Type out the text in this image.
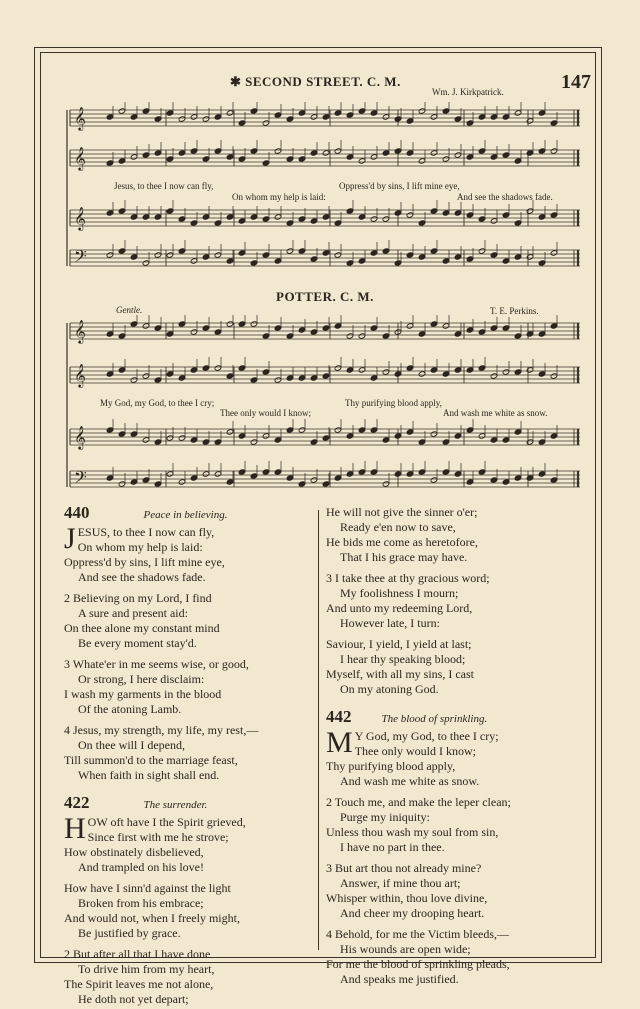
✱ SECOND STREET. C. M.
Wm. J. Kirkpatrick.	147
𝄞
𝄞
𝄞
𝄢
Jesus, to thee I now can fly,
On whom my help is laid:
Oppress'd by sins, I lift mine eye,
And see the shadows fade.
POTTER. C. M.
Gentle.	T. E. Perkins.
𝄞
𝄞
𝄞
𝄢
My God, my God, to thee I cry;
Thee only would I know;
Thy purifying blood apply,
And wash me white as snow.
440	Peace in believing.
J ESUS, to thee I now can fly,
On whom my help is laid:
Oppress'd by sins, I lift mine eye,
And see the shadows fade.
2 Believing on my Lord, I find
A sure and present aid:
On thee alone my constant mind
Be every moment stay'd.
3 Whate'er in me seems wise, or good,
Or strong, I here disclaim:
I wash my garments in the blood
Of the atoning Lamb.
4 Jesus, my strength, my life, my rest,—
On thee will I depend,
Till summon'd to the marriage feast,
When faith in sight shall end.
422	The surrender.
H OW oft have I the Spirit grieved,
Since first with me he strove;
How obstinately disbelieved,
And trampled on his love!
How have I sinn'd against the light
Broken from his embrace;
And would not, when I freely might,
Be justified by grace.
2 But after all that I have done
To drive him from my heart,
The Spirit leaves me not alone,
He doth not yet depart;
He will not give the sinner o'er;
Ready e'en now to save,
He bids me come as heretofore,
That I his grace may have.
3 I take thee at thy gracious word;
My foolishness I mourn;
And unto my redeeming Lord,
However late, I turn:
Saviour, I yield, I yield at last;
I hear thy speaking blood;
Myself, with all my sins, I cast
On my atoning God.
442	The blood of sprinkling.
M Y God, my God, to thee I cry;
Thee only would I know;
Thy purifying blood apply,
And wash me white as snow.
2 Touch me, and make the leper clean;
Purge my iniquity:
Unless thou wash my soul from sin,
I have no part in thee.
3 But art thou not already mine?
Answer, if mine thou art;
Whisper within, thou love divine,
And cheer my drooping heart.
4 Behold, for me the Victim bleeds,—
His wounds are open wide;
For me the blood of sprinkling pleads,
And speaks me justified.
